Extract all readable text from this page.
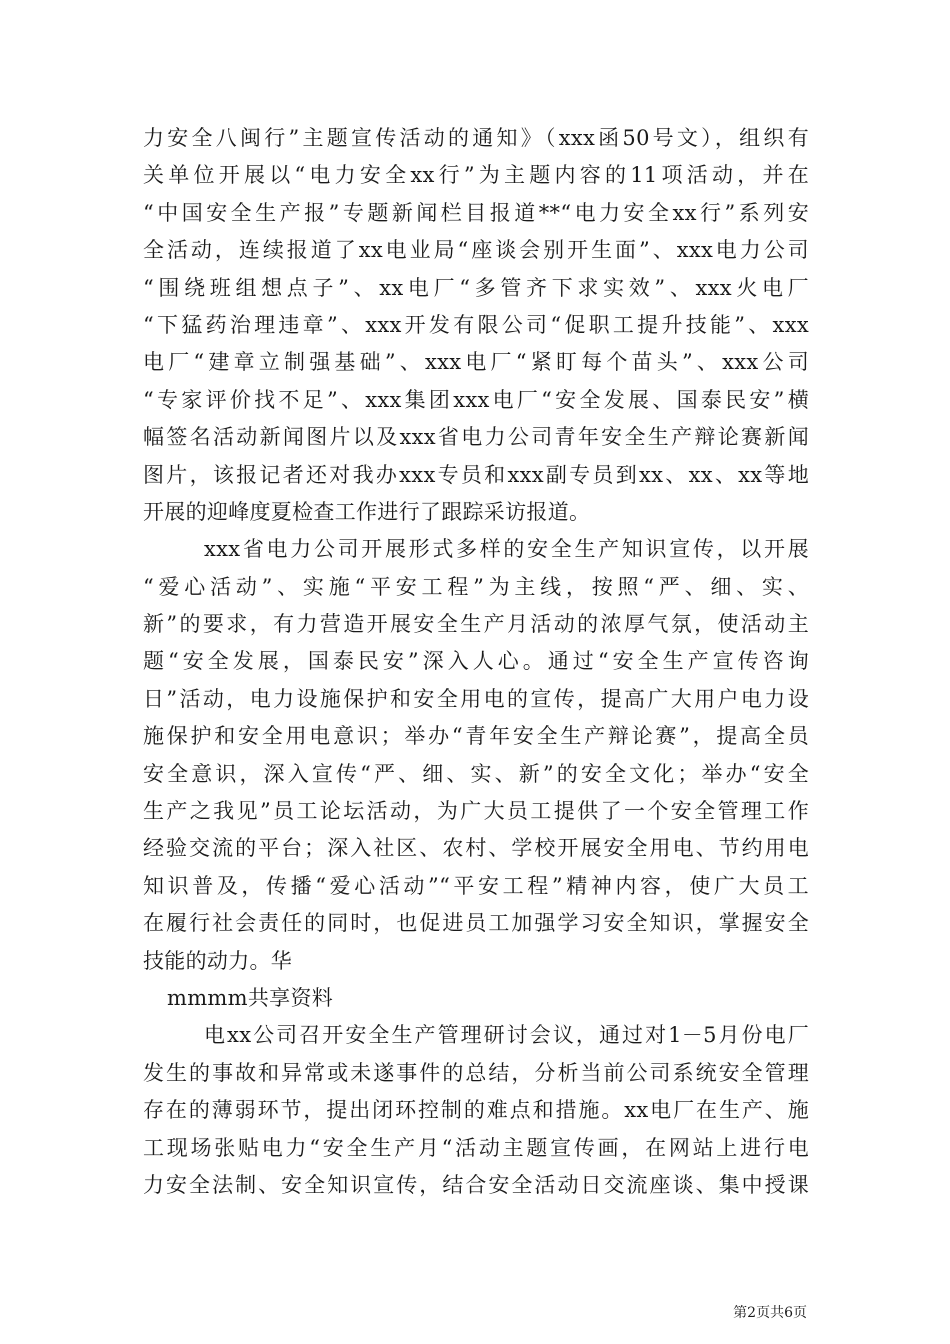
力安全八闽行”主题宣传活动的通知》（xxx函50号文），组织有
关单位开展以“电力安全xx行”为主题内容的11项活动，并在
“中国安全生产报”专题新闻栏目报道**“电力安全xx行”系列安
全活动，连续报道了xx电业局“座谈会别开生面”、xxx电力公司
“围绕班组想点子”、xx电厂“多管齐下求实效”、xxx火电厂
“下猛药治理违章”、xxx开发有限公司“促职工提升技能”、xxx
电厂“建章立制强基础”、xxx电厂“紧盯每个苗头”、xxx公司
“专家评价找不足”、xxx集团xxx电厂“安全发展、国泰民安”横
幅签名活动新闻图片以及xxx省电力公司青年安全生产辩论赛新闻
图片，该报记者还对我办xxx专员和xxx副专员到xx、xx、xx等地
开展的迎峰度夏检查工作进行了跟踪采访报道。
xxx省电力公司开展形式多样的安全生产知识宣传，以开展
“爱心活动”、实施“平安工程”为主线，按照“严、细、实、
新”的要求，有力营造开展安全生产月活动的浓厚气氛，使活动主
题“安全发展，国泰民安”深入人心。通过“安全生产宣传咨询
日”活动，电力设施保护和安全用电的宣传，提高广大用户电力设
施保护和安全用电意识；举办“青年安全生产辩论赛”，提高全员
安全意识，深入宣传“严、细、实、新”的安全文化；举办“安全
生产之我见”员工论坛活动，为广大员工提供了一个安全管理工作
经验交流的平台；深入社区、农村、学校开展安全用电、节约用电
知识普及，传播“爱心活动”“平安工程”精神内容，使广大员工
在履行社会责任的同时，也促进员工加强学习安全知识，掌握安全
技能的动力。华
mmmm共享资料
电xx公司召开安全生产管理研讨会议，通过对1－5月份电厂
发生的事故和异常或未遂事件的总结，分析当前公司系统安全管理
存在的薄弱环节，提出闭环控制的难点和措施。xx电厂在生产、施
工现场张贴电力“安全生产月“活动主题宣传画，在网站上进行电
力安全法制、安全知识宣传，结合安全活动日交流座谈、集中授课
第2页共6页
